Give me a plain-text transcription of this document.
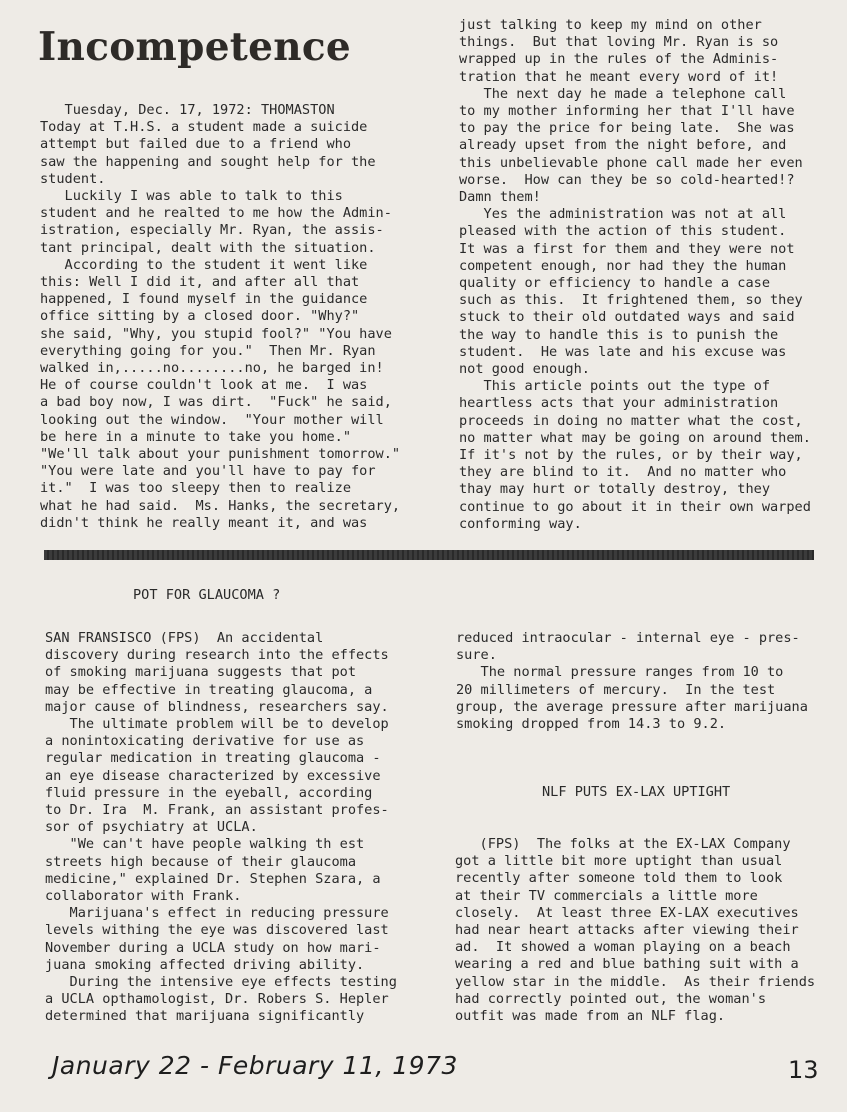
Incompetence
Tuesday, Dec. 17, 1972: THOMASTON
Today at T.H.S. a student made a suicide
attempt but failed due to a friend who
saw the happening and sought help for the
student.
Luckily I was able to talk to this
student and he realted to me how the Admin-
istration, especially Mr. Ryan, the assis-
tant principal, dealt with the situation.
According to the student it went like
this: Well I did it, and after all that
happened, I found myself in the guidance
office sitting by a closed door. "Why?"
she said, "Why, you stupid fool?" "You have
everything going for you."  Then Mr. Ryan
walked in,.....no........no, he barged in!
He of course couldn't look at me.  I was
a bad boy now, I was dirt.  "Fuck" he said,
looking out the window.  "Your mother will
be here in a minute to take you home."
"We'll talk about your punishment tomorrow."
"You were late and you'll have to pay for
it."  I was too sleepy then to realize
what he had said.  Ms. Hanks, the secretary,
didn't think he really meant it, and was
just talking to keep my mind on other
things.  But that loving Mr. Ryan is so
wrapped up in the rules of the Adminis-
tration that he meant every word of it!
The next day he made a telephone call
to my mother informing her that I'll have
to pay the price for being late.  She was
already upset from the night before, and
this unbelievable phone call made her even
worse.  How can they be so cold-hearted!?
Damn them!
Yes the administration was not at all
pleased with the action of this student.
It was a first for them and they were not
competent enough, nor had they the human
quality or efficiency to handle a case
such as this.  It frightened them, so they
stuck to their old outdated ways and said
the way to handle this is to punish the
student.  He was late and his excuse was
not good enough.
This article points out the type of
heartless acts that your administration
proceeds in doing no matter what the cost,
no matter what may be going on around them.
If it's not by the rules, or by their way,
they are blind to it.  And no matter who
thay may hurt or totally destroy, they
continue to go about it in their own warped
conforming way.
POT FOR GLAUCOMA ?
SAN FRANSISCO (FPS)  An accidental
discovery during research into the effects
of smoking marijuana suggests that pot
may be effective in treating glaucoma, a
major cause of blindness, researchers say.
The ultimate problem will be to develop
a nonintoxicating derivative for use as
regular medication in treating glaucoma -
an eye disease characterized by excessive
fluid pressure in the eyeball, according
to Dr. Ira  M. Frank, an assistant profes-
sor of psychiatry at UCLA.
"We can't have people walking th est
streets high because of their glaucoma
medicine," explained Dr. Stephen Szara, a
collaborator with Frank.
Marijuana's effect in reducing pressure
levels withing the eye was discovered last
November during a UCLA study on how mari-
juana smoking affected driving ability.
During the intensive eye effects testing
a UCLA opthamologist, Dr. Robers S. Hepler
determined that marijuana significantly
reduced intraocular - internal eye - pres-
sure.
The normal pressure ranges from 10 to
20 millimeters of mercury.  In the test
group, the average pressure after marijuana
smoking dropped from 14.3 to 9.2.
NLF PUTS EX-LAX UPTIGHT
(FPS)  The folks at the EX-LAX Company
got a little bit more uptight than usual
recently after someone told them to look
at their TV commercials a little more
closely.  At least three EX-LAX executives
had near heart attacks after viewing their
ad.  It showed a woman playing on a beach
wearing a red and blue bathing suit with a
yellow star in the middle.  As their friends
had correctly pointed out, the woman's
outfit was made from an NLF flag.
January 22 - February 11, 1973	13
